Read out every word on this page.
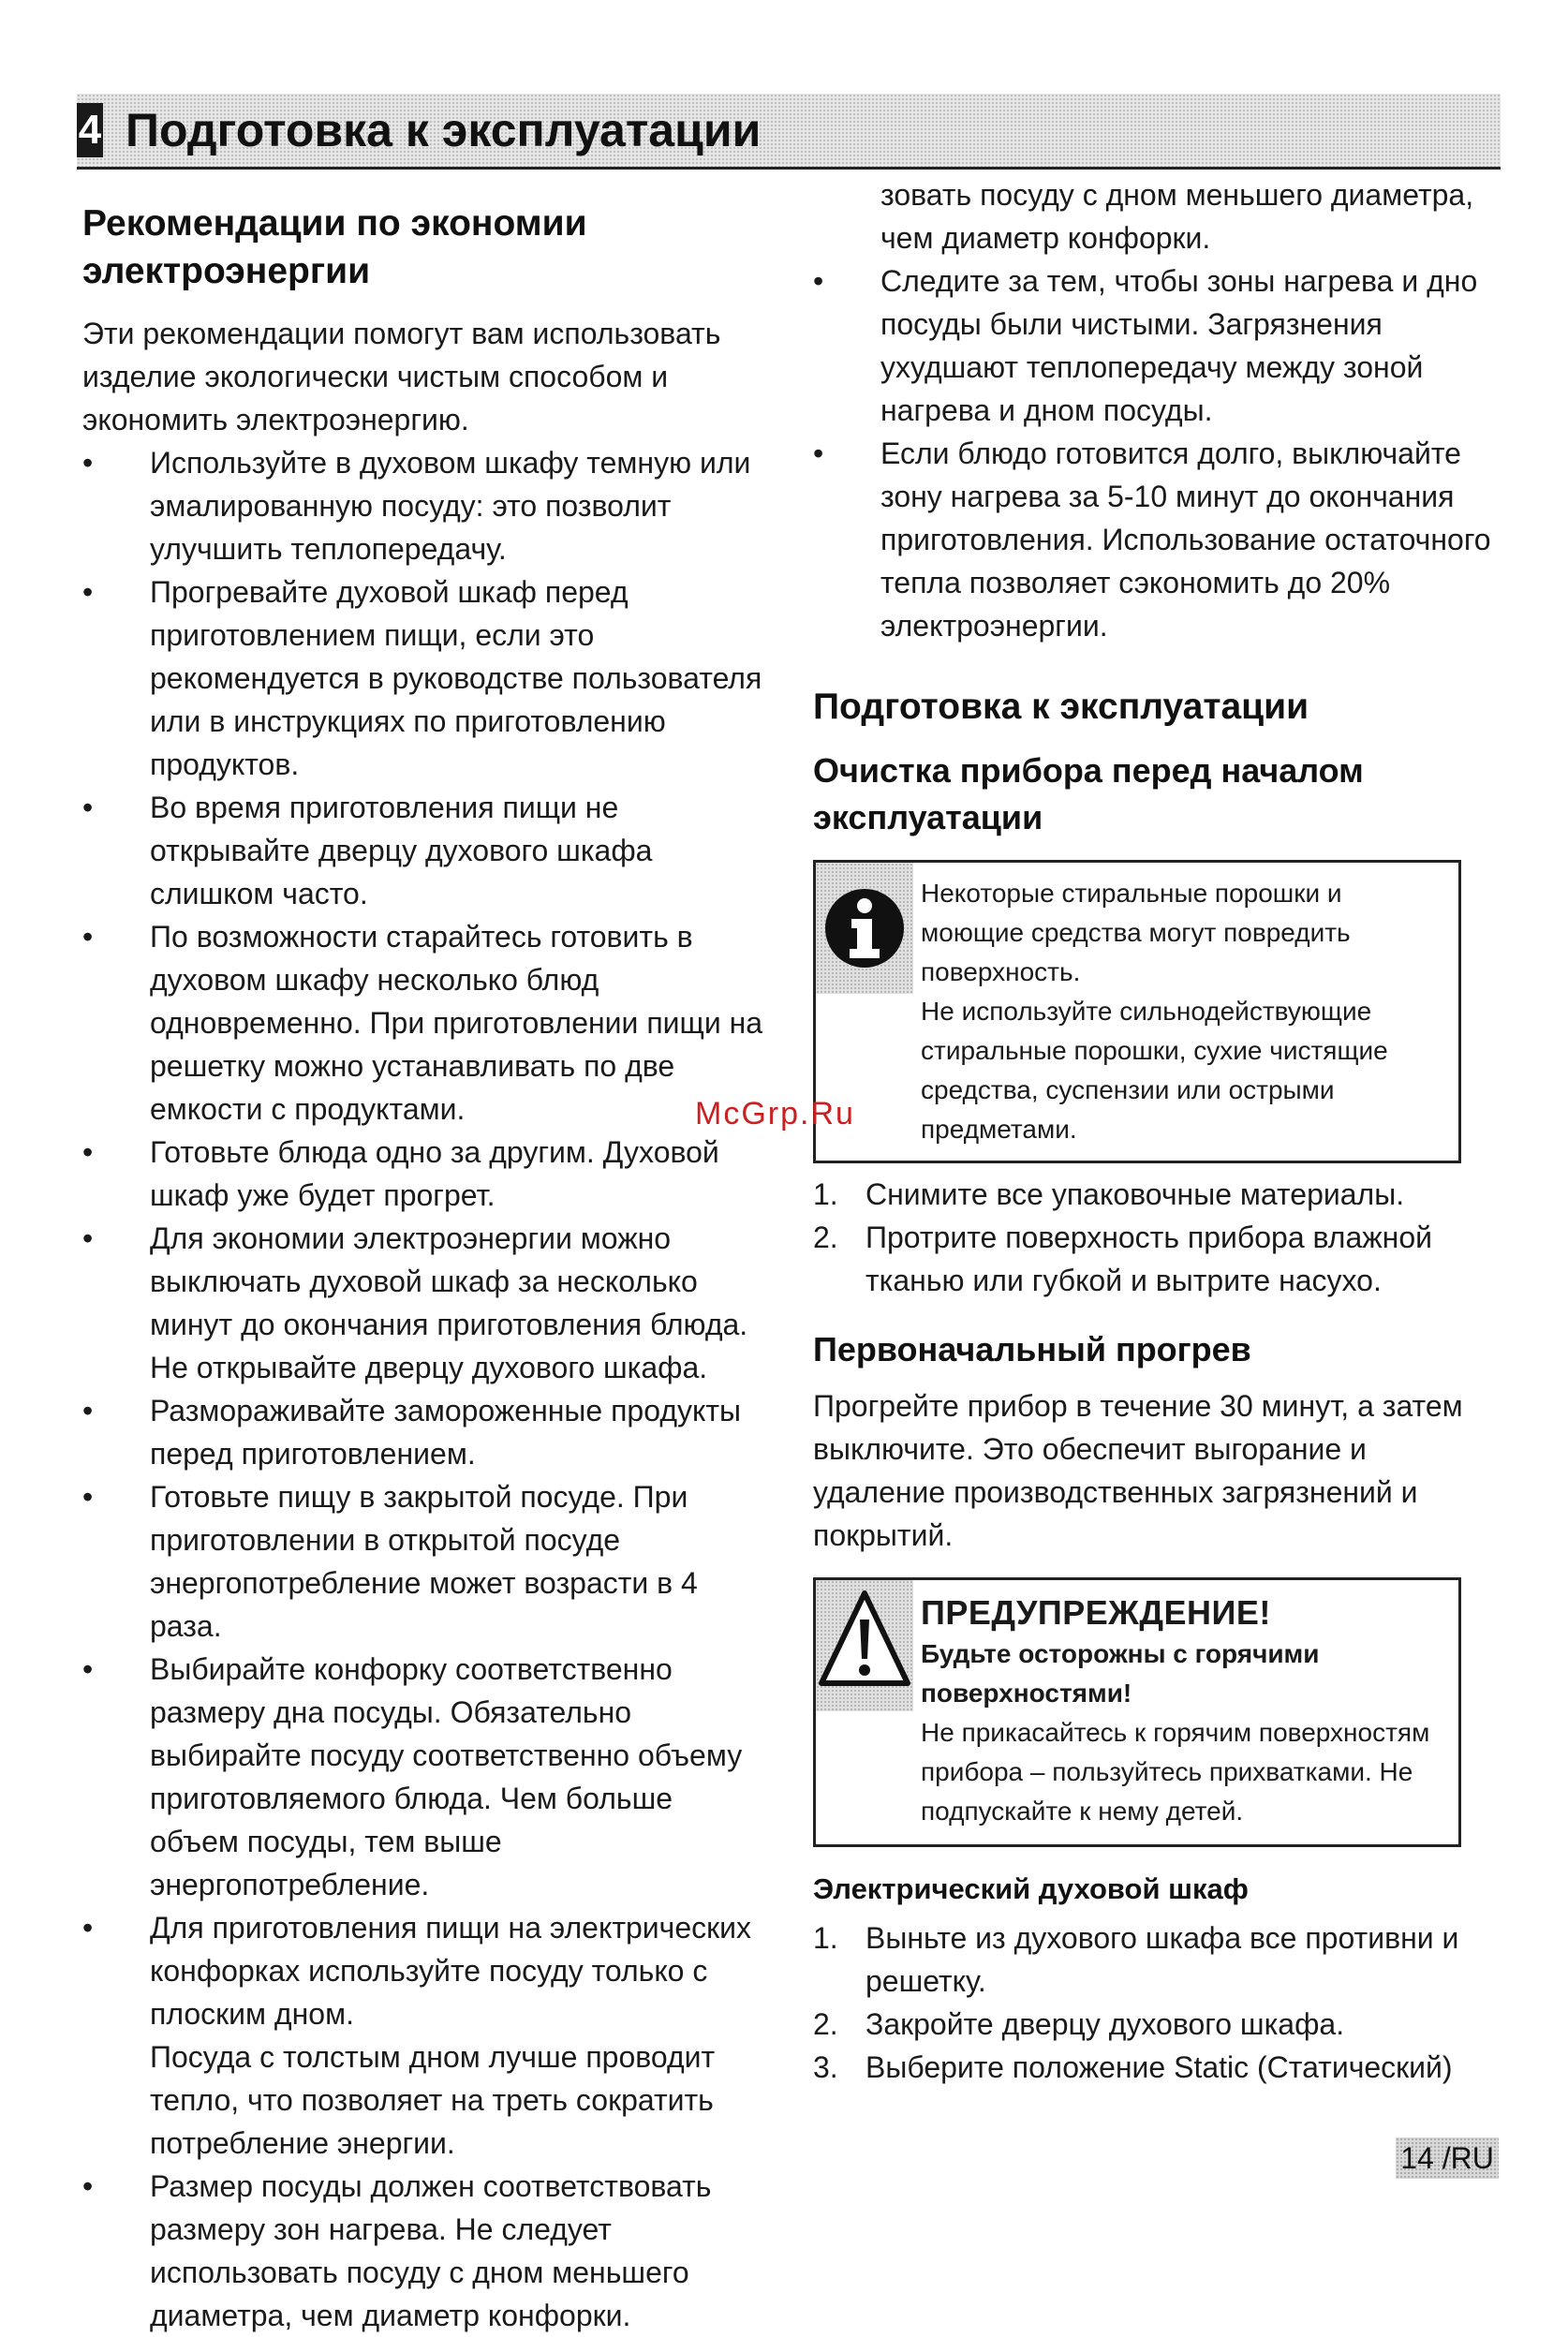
4 Подготовка к эксплуатации
Рекомендации по экономии электроэнергии

Эти рекомендации помогут вам использовать изделие экологически чистым способом и экономить электроэнергию.

•	Используйте в духовом шкафу темную или эмалированную посуду: это позволит улучшить теплопередачу.
•	Прогревайте духовой шкаф перед приготовлением пищи, если это рекомендуется в руководстве пользователя или в инструкциях по приготовлению продуктов.
•	Во время приготовления пищи не открывайте дверцу духового шкафа слишком часто.
•	По возможности старайтесь готовить в духовом шкафу несколько блюд одновременно. При приготовлении пищи на решетку можно устанавливать по две емкости с продуктами.
•	Готовьте блюда одно за другим. Духовой шкаф уже будет прогрет.
•	Для экономии электроэнергии можно выключать духовой шкаф за несколько минут до окончания приготовления блюда. Не открывайте дверцу духового шкафа.
•	Размораживайте замороженные продукты перед приготовлением.
•	Готовьте пищу в закрытой посуде. При приготовлении в открытой посуде энергопотребление может возрасти в 4 раза.
•	Выбирайте конфорку соответственно размеру дна посуды. Обязательно выбирайте посуду соответственно объему приготовляемого блюда. Чем больше объем посуды, тем выше энергопотребление.
•	Для приготовления пищи на электрических конфорках используйте посуду только с плоским дном.
Посуда с толстым дном лучше проводит тепло, что позволяет на треть сократить потребление энергии.
•	Размер посуды должен соответствовать размеру зон нагрева. Не следует использовать посуду с дном меньшего диаметра, чем диаметр конфорки.

зовать посуду с дном меньшего диаметра, чем диаметр конфорки.

•	Следите за тем, чтобы зоны нагрева и дно посуды были чистыми. Загрязнения ухудшают теплопередачу между зоной нагрева и дном посуды.
•	Если блюдо готовится долго, выключайте зону нагрева за 5-10 минут до окончания приготовления. Использование остаточного тепла позволяет сэкономить до 20% электроэнергии.
Подготовка к эксплуатации
Очистка прибора перед началом эксплуатации
Некоторые стиральные порошки и моющие средства могут повредить поверхность.
Не используйте сильнодействующие стиральные порошки, сухие чистящие средства, суспензии или острыми предметами.
1. Снимите все упаковочные материалы.
2. Протрите поверхность прибора влажной тканью или губкой и вытрите насухо.
Первоначальный прогрев

Прогрейте прибор в течение 30 минут, а затем выключите. Это обеспечит выгорание и удаление производственных загрязнений и покрытий.

ПРЕДУПРЕЖДЕНИЕ!
Будьте осторожны с горячими поверхностями!
Не прикасайтесь к горячим поверхностям прибора – пользуйтесь прихватками. Не подпускайте к нему детей.
Электрический духовой шкаф
1. Выньте из духового шкафа все противни и решетку.
2. Закройте дверцу духового шкафа.
3. Выберите положение Static (Статический)
McGrp.Ru
14 /RU
